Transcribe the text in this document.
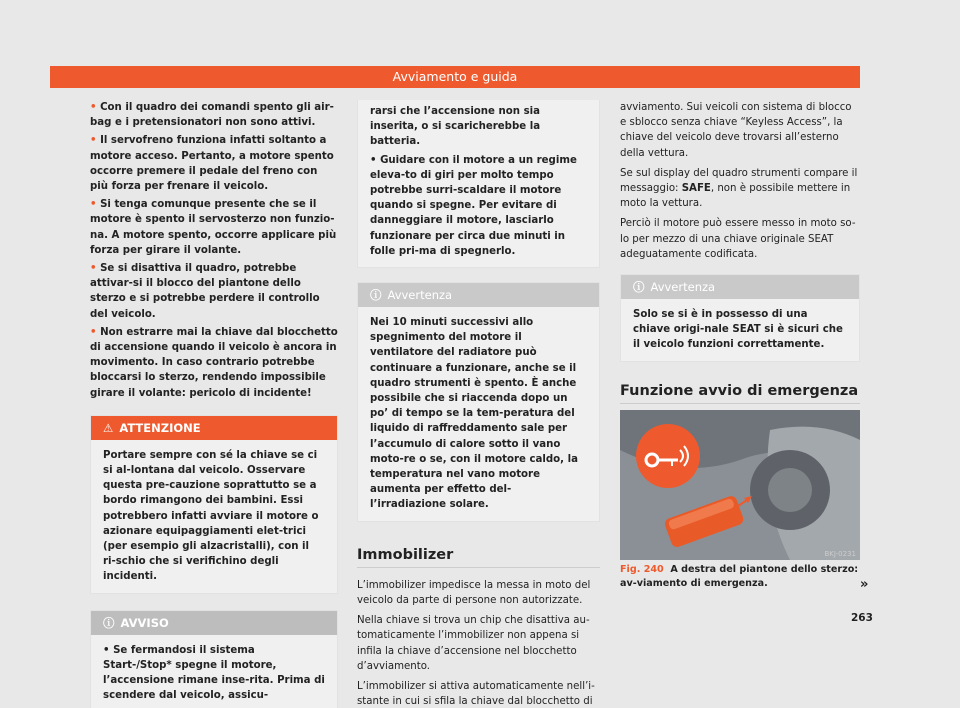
Avviamento e guida
• Con il quadro dei comandi spento gli air-bag e i pretensionatori non sono attivi.
• Il servofreno funziona infatti soltanto a motore acceso. Pertanto, a motore spento occorre premere il pedale del freno con più forza per frenare il veicolo.
• Si tenga comunque presente che se il motore è spento il servosterzo non funzio-na. A motore spento, occorre applicare più forza per girare il volante.
• Se si disattiva il quadro, potrebbe attivar-si il blocco del piantone dello sterzo e si potrebbe perdere il controllo del veicolo.
• Non estrarre mai la chiave dal blocchetto di accensione quando il veicolo è ancora in movimento. In caso contrario potrebbe bloccarsi lo sterzo, rendendo impossibile girare il volante: pericolo di incidente!
⚠ ATTENZIONE
Portare sempre con sé la chiave se ci si al-lontana dal veicolo. Osservare questa pre-cauzione soprattutto se a bordo rimangono dei bambini. Essi potrebbero infatti avviare il motore o azionare equipaggiamenti elet-trici (per esempio gli alzacristalli), con il ri-schio che si verifichino degli incidenti.
ⓘ AVVISO
• Se fermandosi il sistema Start-/Stop* spegne il motore, l’accensione rimane inse-rita. Prima di scendere dal veicolo, assicu-
rarsi che l’accensione non sia inserita, o si scaricherebbe la batteria.
• Guidare con il motore a un regime eleva-to di giri per molto tempo potrebbe surri-scaldare il motore quando si spegne. Per evitare di danneggiare il motore, lasciarlo funzionare per circa due minuti in folle pri-ma di spegnerlo.
ⓘ Avvertenza
Nei 10 minuti successivi allo spegnimento del motore il ventilatore del radiatore può continuare a funzionare, anche se il quadro strumenti è spento. È anche possibile che si riaccenda dopo un po’ di tempo se la tem-peratura del liquido di raffreddamento sale per l’accumulo di calore sotto il vano moto-re o se, con il motore caldo, la temperatura nel vano motore aumenta per effetto del-l’irradiazione solare.
Immobilizer

L’immobilizer impedisce la messa in moto del veicolo da parte di persone non autorizzate.

Nella chiave si trova un chip che disattiva au-tomaticamente l’immobilizer non appena si infila la chiave d’accensione nel blocchetto d’avviamento.

L’immobilizer si attiva automaticamente nell’i-stante in cui si sfila la chiave dal blocchetto di

avviamento. Sui veicoli con sistema di blocco e sblocco senza chiave “Keyless Access”, la chiave del veicolo deve trovarsi all’esterno della vettura.

Se sul display del quadro strumenti compare il messaggio: SAFE, non è possibile mettere in moto la vettura.

Perciò il motore può essere messo in moto so-lo per mezzo di una chiave originale SEAT adeguatamente codificata.

ⓘ Avvertenza
Solo se si è in possesso di una chiave origi-nale SEAT si è sicuri che il veicolo funzioni correttamente.
Funzione avvio di emergenza
BKJ-0231
Fig. 240 A destra del piantone dello sterzo: av-viamento di emergenza.	»
263
